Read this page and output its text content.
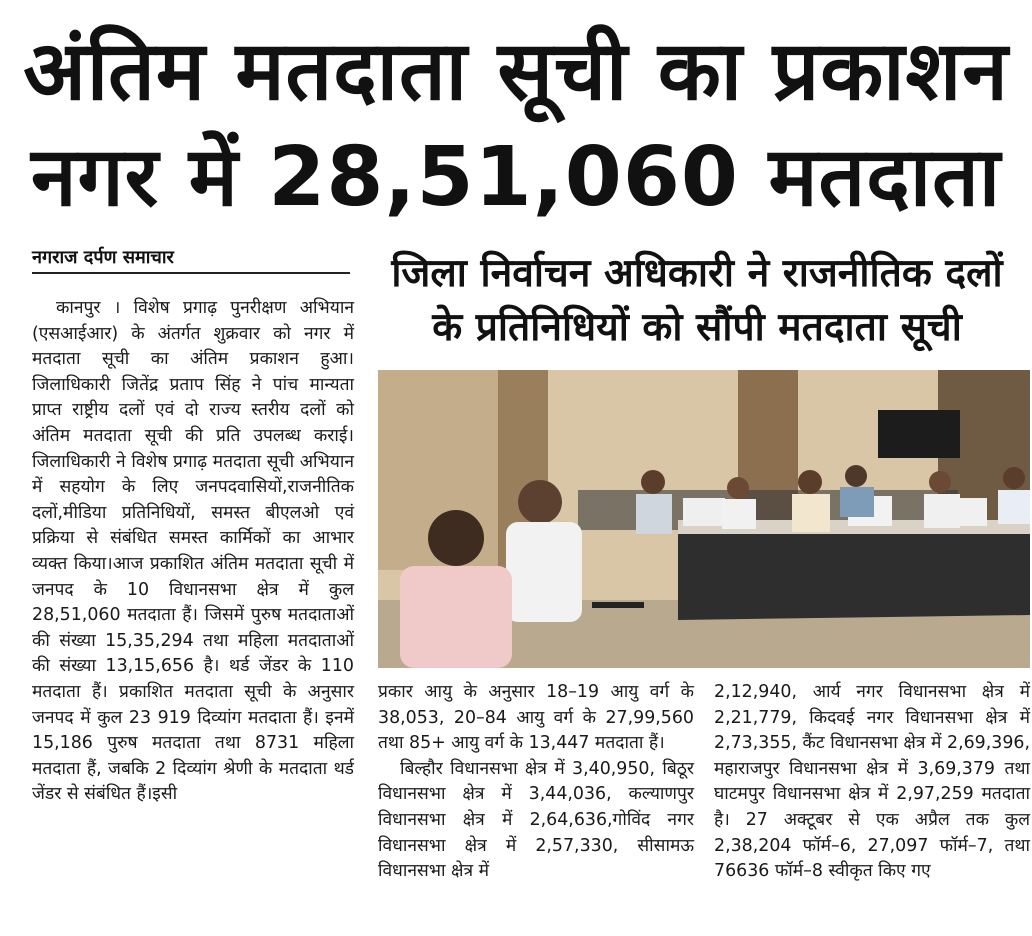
अंतिम मतदाता सूची का प्रकाशन
नगर में 28,51,060 मतदाता
नगराज दर्पण समाचार	जिला निर्वाचन अधिकारी ने राजनीतिक दलों
के प्रतिनिधियों को सौंपी मतदाता सूची
कानपुर । विशेष प्रगाढ़ पुनरीक्षण अभियान (एसआईआर) के अंतर्गत शुक्रवार को नगर में मतदाता सूची का अंतिम प्रकाशन हुआ। जिलाधिकारी जितेंद्र प्रताप सिंह ने पांच मान्यता प्राप्त राष्ट्रीय दलों एवं दो राज्य स्तरीय दलों को अंतिम मतदाता सूची की प्रति उपलब्ध कराई।जिलाधिकारी ने विशेष प्रगाढ़ मतदाता सूची अभियान में सहयोग के लिए जनपदवासियों,राजनीतिक दलों,मीडिया प्रतिनिधियों, समस्त बीएलओ एवं प्रक्रिया से संबंधित समस्त कार्मिकों का आभार व्यक्त किया।आज प्रकाशित अंतिम मतदाता सूची में जनपद के 10 विधानसभा क्षेत्र में कुल 28,51,060 मतदाता हैं। जिसमें पुरुष मतदाताओं की संख्या 15,35,294 तथा महिला मतदाताओं की संख्या 13,15,656 है। थर्ड जेंडर के 110 मतदाता हैं। प्रकाशित मतदाता सूची के अनुसार जनपद में कुल 23 919 दिव्यांग मतदाता हैं। इनमें 15,186 पुरुष मतदाता तथा 8731 महिला मतदाता हैं, जबकि 2 दिव्यांग श्रेणी के मतदाता थर्ड जेंडर से संबंधित हैं।इसी
प्रकार आयु के अनुसार 18–19 आयु वर्ग के 38,053, 20–84 आयु वर्ग के 27,99,560 तथा 85+ आयु वर्ग के 13,447 मतदाता हैं।
बिल्हौर विधानसभा क्षेत्र में 3,40,950, बिठूर विधानसभा क्षेत्र में 3,44,036, कल्याणपुर विधानसभा क्षेत्र में 2,64,636,गोविंद नगर विधानसभा क्षेत्र में 2,57,330, सीसामऊ विधानसभा क्षेत्र में
2,12,940, आर्य नगर विधानसभा क्षेत्र में 2,21,779, किदवई नगर विधानसभा क्षेत्र में 2,73,355, कैंट विधानसभा क्षेत्र में 2,69,396, महाराजपुर विधानसभा क्षेत्र में 3,69,379 तथा घाटमपुर विधानसभा क्षेत्र में 2,97,259 मतदाता है। 27 अक्टूबर से एक अप्रैल तक कुल 2,38,204 फॉर्म–6, 27,097 फॉर्म–7, तथा 76636 फॉर्म–8 स्वीकृत किए गए
